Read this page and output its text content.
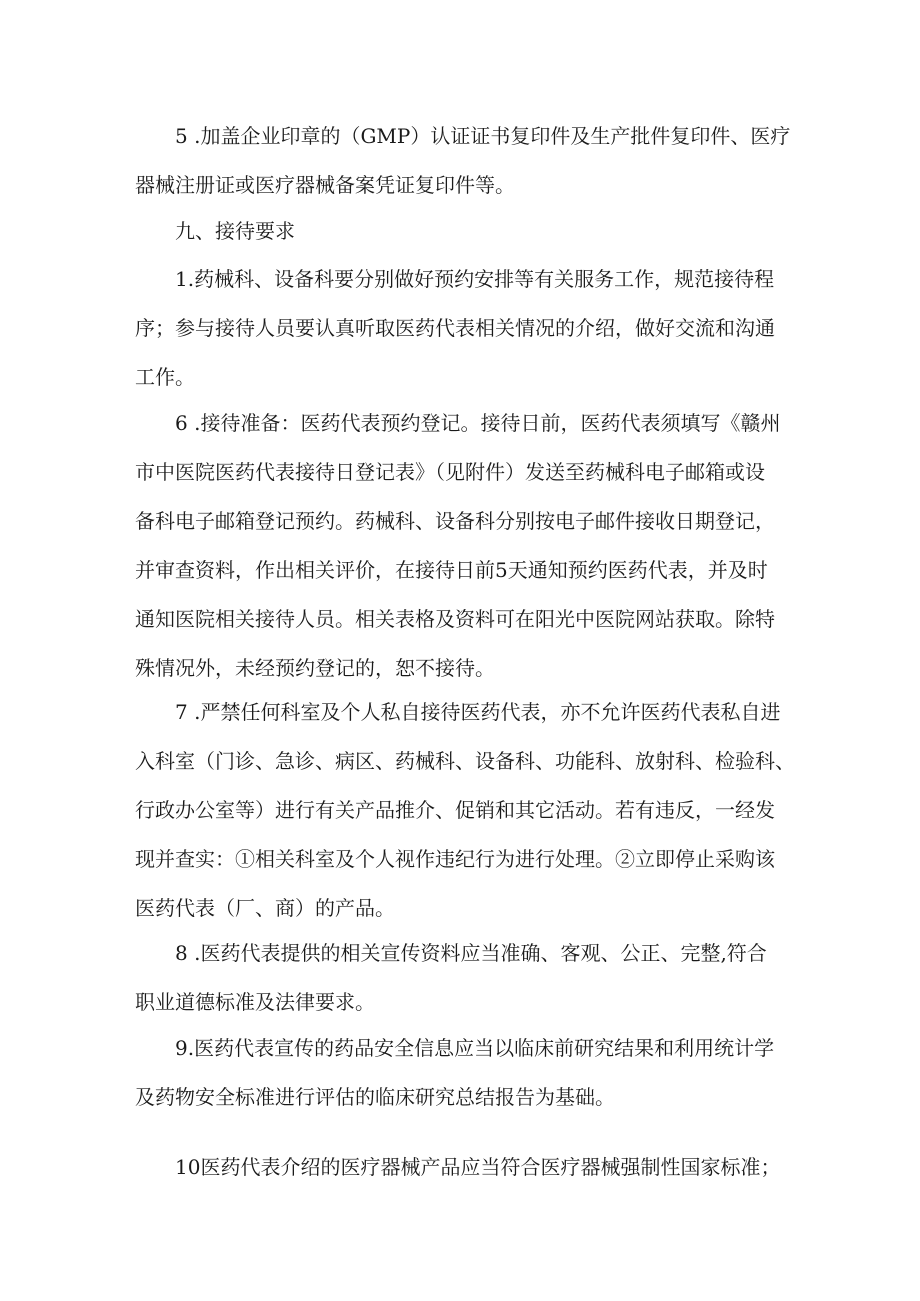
5 .加盖企业印章的（GMP）认证证书复印件及生产批件复印件、医疗
器械注册证或医疗器械备案凭证复印件等。
九、接待要求
1.药械科、设备科要分别做好预约安排等有关服务工作，规范接待程
序；参与接待人员要认真听取医药代表相关情况的介绍，做好交流和沟通
工作。
6 .接待准备：医药代表预约登记。接待日前，医药代表须填写《赣州
市中医院医药代表接待日登记表》（见附件）发送至药械科电子邮箱或设
备科电子邮箱登记预约。药械科、设备科分别按电子邮件接收日期登记，
并审查资料，作出相关评价，在接待日前5天通知预约医药代表，并及时
通知医院相关接待人员。相关表格及资料可在阳光中医院网站获取。除特
殊情况外，未经预约登记的，恕不接待。
7 .严禁任何科室及个人私自接待医药代表，亦不允许医药代表私自进
入科室（门诊、急诊、病区、药械科、设备科、功能科、放射科、检验科、
行政办公室等）进行有关产品推介、促销和其它活动。若有违反，一经发
现并查实：①相关科室及个人视作违纪行为进行处理。②立即停止采购该
医药代表（厂、商）的产品。
8 .医药代表提供的相关宣传资料应当准确、客观、公正、完整,符合
职业道德标准及法律要求。
9.医药代表宣传的药品安全信息应当以临床前研究结果和利用统计学
及药物安全标准进行评估的临床研究总结报告为基础。
10医药代表介绍的医疗器械产品应当符合医疗器械强制性国家标准；
